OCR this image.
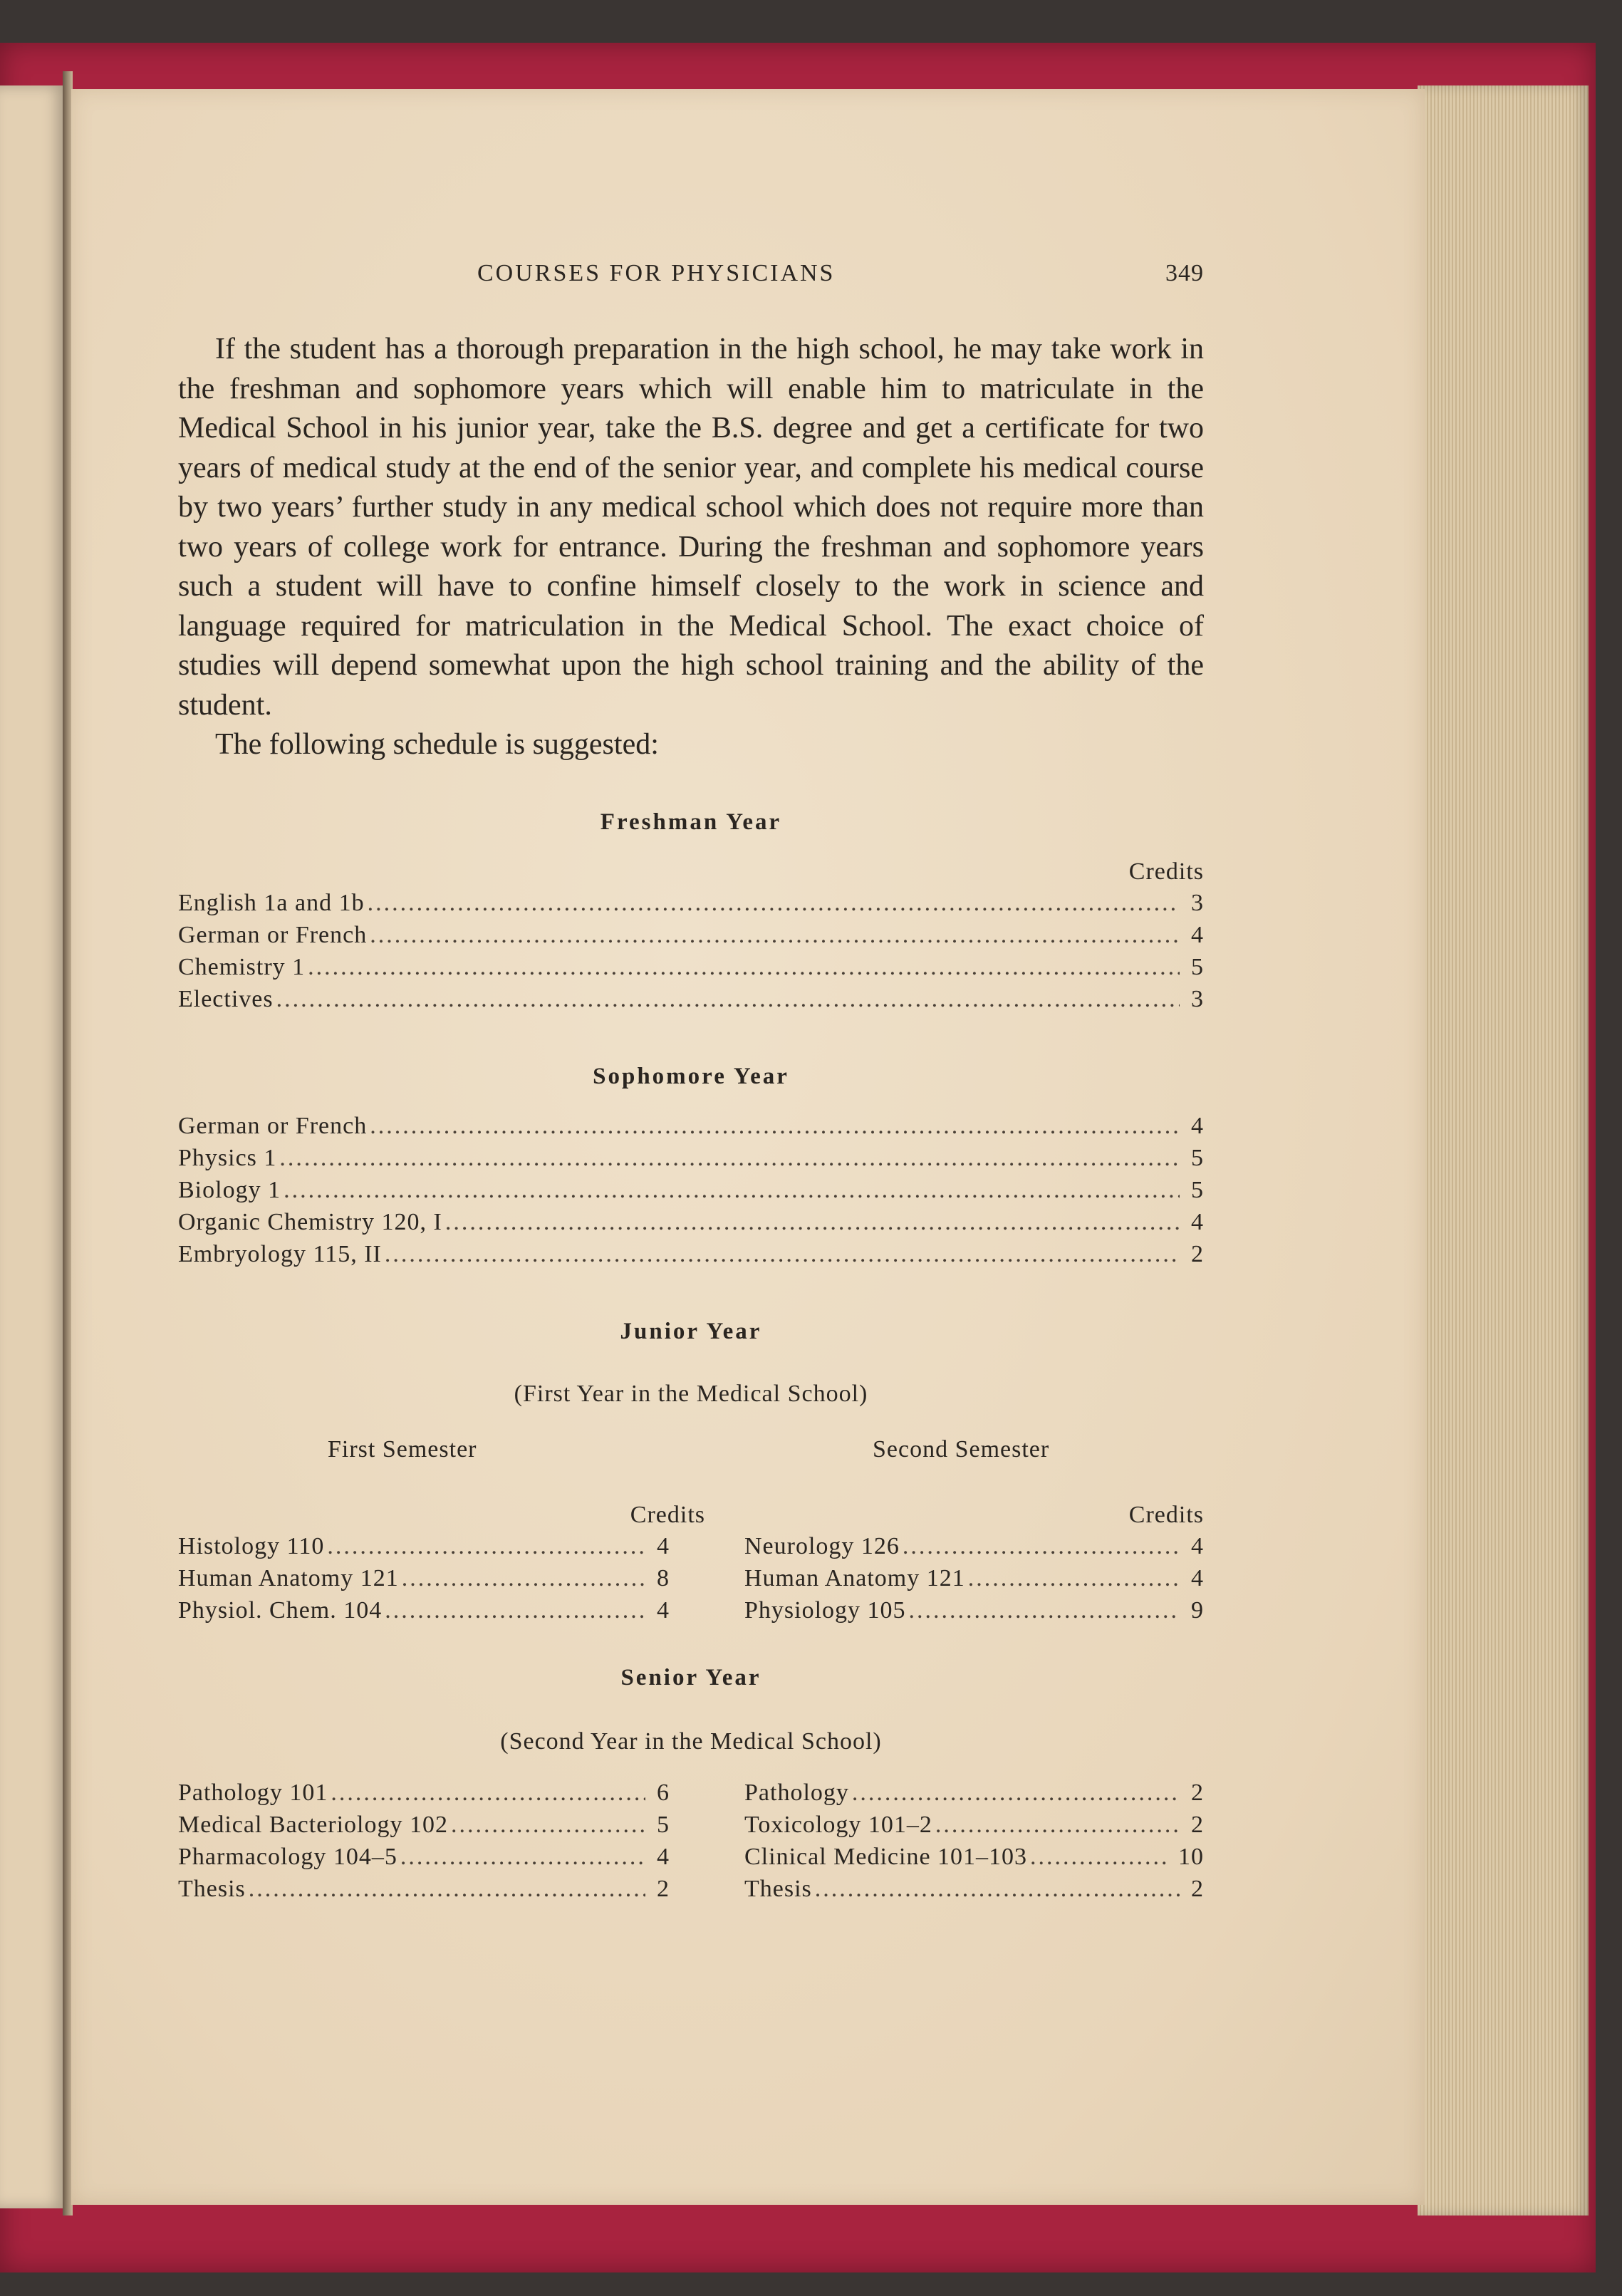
COURSES FOR PHYSICIANS	349

If the student has a thorough preparation in the high school, he may take work in the freshman and sophomore years which will enable him to matriculate in the Medical School in his junior year, take the B.S. degree and get a certificate for two years of medical study at the end of the senior year, and complete his medical course by two years’ further study in any medical school which does not require more than two years of college work for entrance. During the freshman and sophomore years such a student will have to confine himself closely to the work in science and language required for matriculation in the Medical School. The exact choice of studies will depend somewhat upon the high school training and the ability of the student.

The following schedule is suggested:

Freshman Year
Credits
English 1a and 1b .....	3
German or French .....	4
Chemistry 1 .....	5
Electives .....	3
Sophomore Year
German or French .....	4
Physics 1 .....	5
Biology 1 .....	5
Organic Chemistry 120, I .....	4
Embryology 115, II .....	2
Junior Year
(First Year in the Medical School)
First Semester	Second Semester
Credits
Histology 110 .....	4
Human Anatomy 121 .....	8
Physiol. Chem. 104 .....	4
Credits
Neurology 126 .....	4
Human Anatomy 121 .....	4
Physiology 105 .....	9
Senior Year
(Second Year in the Medical School)
Pathology 101 .....	6
Medical Bacteriology 102 .....	5
Pharmacology 104–5 .....	4
Thesis .....	2
Pathology .....	2
Toxicology 101–2 .....	2
Clinical Medicine 101–103 .....	10
Thesis .....	2
